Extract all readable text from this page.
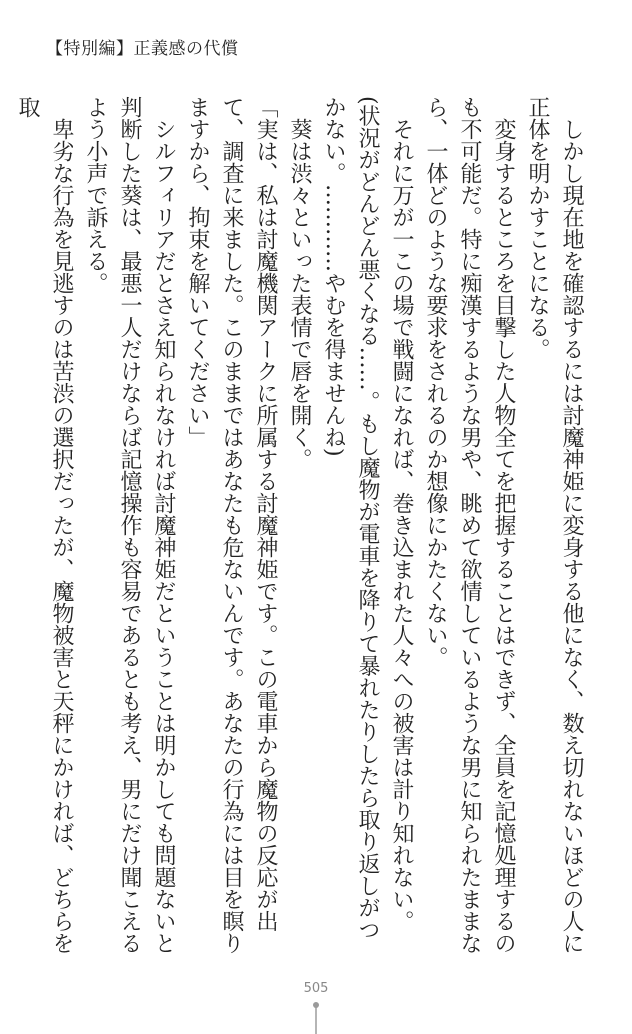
【特別編】正義感の代償

しかし現在地を確認するには討魔神姫に変身する他になく、数え切れないほどの人に正体を明かすことになる。

変身するところを目撃した人物全てを把握することはできず、全員を記憶処理するのも不可能だ。特に痴漢するような男や、眺めて欲情しているような男に知られたままなら、一体どのような要求をされるのか想像にかたくない。

それに万が一この場で戦闘になれば、巻き込まれた人々への被害は計り知れない。

(状況がどんどん悪くなる……。もし魔物が電車を降りて暴れたりしたら取り返しがつかない。…………やむを得ませんね)

葵は渋々といった表情で唇を開く。

「実は、私は討魔機関アークに所属する討魔神姫です。この電車から魔物の反応が出て、調査に来ました。このままではあなたも危ないんです。あなたの行為には目を瞑りますから、拘束を解いてください」

シルフィリアだとさえ知られなければ討魔神姫だということは明かしても問題ないと判断した葵は、最悪一人だけならば記憶操作も容易であるとも考え、男にだけ聞こえるよう小声で訴える。

卑劣な行為を見逃すのは苦渋の選択だったが、魔物被害と天秤にかければ、どちらを取

505
